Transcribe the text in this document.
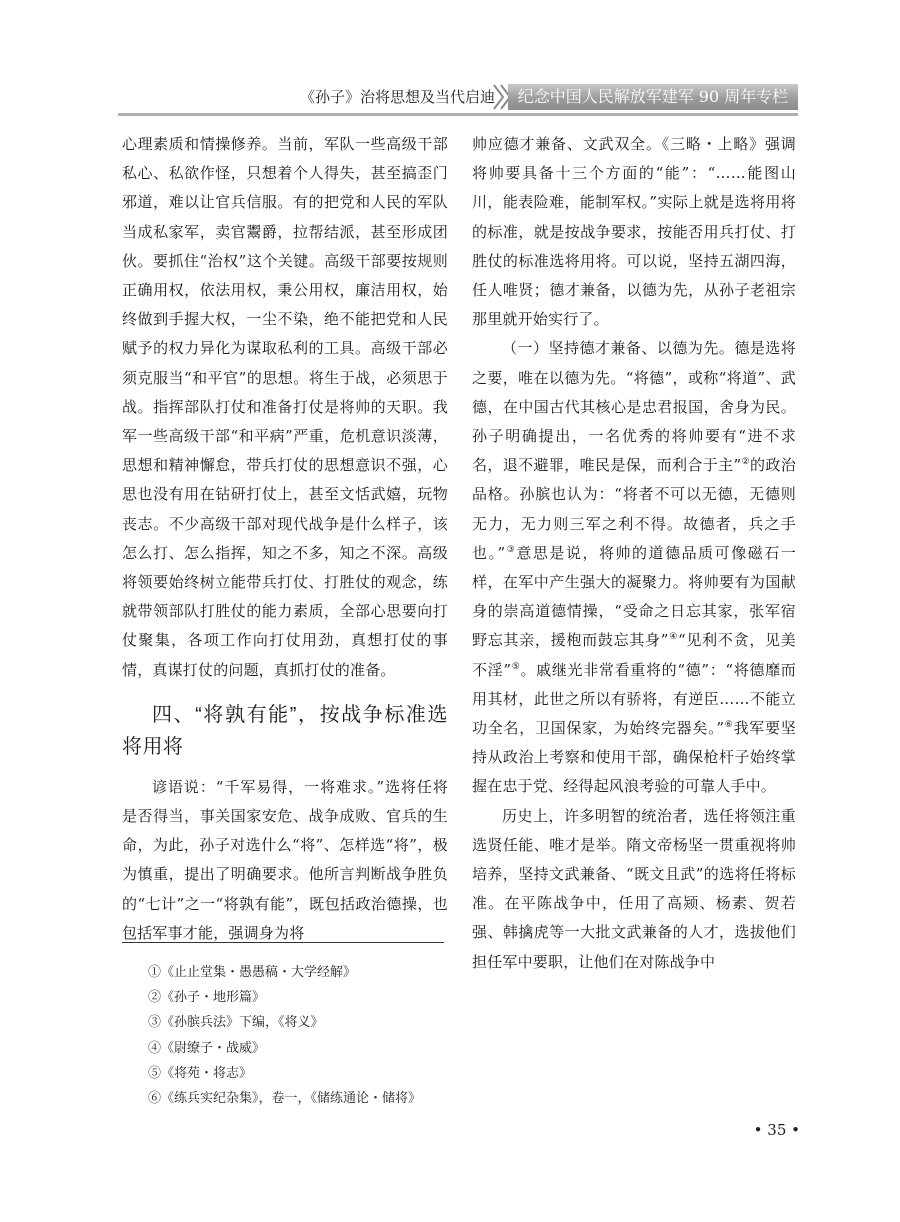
《孙子》治将思想及当代启迪	纪念中国人民解放军建军 90 周年专栏

心理素质和情操修养。当前，军队一些高级干部私心、私欲作怪，只想着个人得失，甚至搞歪门邪道，难以让官兵信服。有的把党和人民的军队当成私家军，卖官鬻爵，拉帮结派，甚至形成团伙。要抓住“治权”这个关键。高级干部要按规则正确用权，依法用权，秉公用权，廉洁用权，始终做到手握大权，一尘不染，绝不能把党和人民赋予的权力异化为谋取私利的工具。高级干部必须克服当“和平官”的思想。将生于战，必须思于战。指挥部队打仗和准备打仗是将帅的天职。我军一些高级干部“和平病”严重，危机意识淡薄，思想和精神懈怠，带兵打仗的思想意识不强，心思也没有用在钻研打仗上，甚至文恬武嬉，玩物丧志。不少高级干部对现代战争是什么样子，该怎么打、怎么指挥，知之不多，知之不深。高级将领要始终树立能带兵打仗、打胜仗的观念，练就带领部队打胜仗的能力素质，全部心思要向打仗聚集，各项工作向打仗用劲，真想打仗的事情，真谋打仗的问题，真抓打仗的准备。

四、“将孰有能”，按战争标准选将用将

谚语说：“千军易得，一将难求。”选将任将是否得当，事关国家安危、战争成败、官兵的生命，为此，孙子对选什么“将”、怎样选“将”，极为慎重，提出了明确要求。他所言判断战争胜负的“七计”之一“将孰有能”，既包括政治德操，也包括军事才能，强调身为将

帅应德才兼备、文武双全。《三略・上略》强调将帅要具备十三个方面的“能”：“……能图山川，能表险难，能制军权。”实际上就是选将用将的标准，就是按战争要求，按能否用兵打仗、打胜仗的标准选将用将。可以说，坚持五湖四海，任人唯贤；德才兼备，以德为先，从孙子老祖宗那里就开始实行了。

（一）坚持德才兼备、以德为先。德是选将之要，唯在以德为先。“将德”，或称“将道”、武德，在中国古代其核心是忠君报国，舍身为民。孙子明确提出，一名优秀的将帅要有“进不求名，退不避罪，唯民是保，而利合于主”②的政治品格。孙膑也认为：“将者不可以无德，无德则无力，无力则三军之利不得。故德者，兵之手也。”③意思是说，将帅的道德品质可像磁石一样，在军中产生强大的凝聚力。将帅要有为国献身的崇高道德情操，“受命之日忘其家，张军宿野忘其亲，援枹而鼓忘其身”④“见利不贪，见美不淫”⑤。戚继光非常看重将的“德”：“将德靡而用其材，此世之所以有骄将，有逆臣……不能立功全名，卫国保家，为始终完器矣。”⑥我军要坚持从政治上考察和使用干部，确保枪杆子始终掌握在忠于党、经得起风浪考验的可靠人手中。

历史上，许多明智的统治者，选任将领注重选贤任能、唯才是举。隋文帝杨坚一贯重视将帅培养，坚持文武兼备、“既文且武”的选将任将标准。在平陈战争中，任用了高颎、杨素、贺若强、韩擒虎等一大批文武兼备的人才，选拔他们担任军中要职，让他们在对陈战争中

①《止止堂集・愚愚稿・大学经解》
②《孙子・地形篇》
③《孙膑兵法》下编，《将义》
④《尉缭子・战威》
⑤《将苑・将志》
⑥《练兵实纪杂集》，卷一，《储练通论・储将》
• 35 •
